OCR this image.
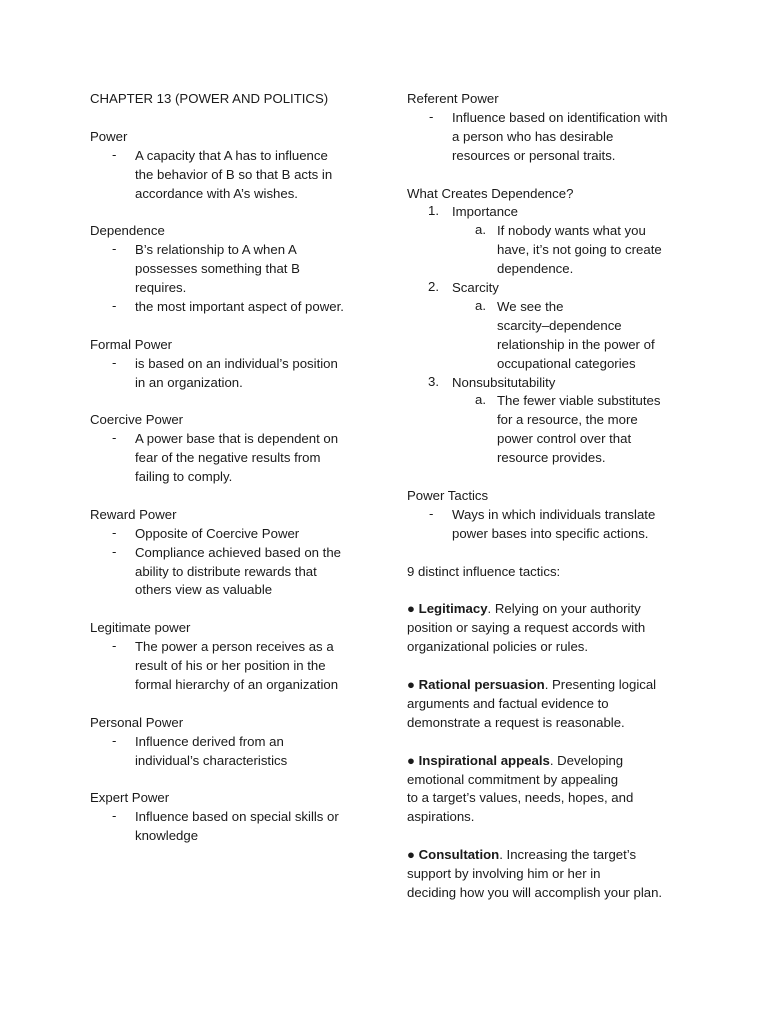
CHAPTER 13 (POWER AND POLITICS)
Power
- A capacity that A has to influence
the behavior of B so that B acts in
accordance with A’s wishes.
Dependence
- B’s relationship to A when A
possesses something that B
requires.
- the most important aspect of power.
Formal Power
- is based on an individual’s position
in an organization.
Coercive Power
- A power base that is dependent on
fear of the negative results from
failing to comply.
Reward Power
- Opposite of Coercive Power
- Compliance achieved based on the
ability to distribute rewards that
others view as valuable
Legitimate power
- The power a person receives as a
result of his or her position in the
formal hierarchy of an organization
Personal Power
- Influence derived from an
individual’s characteristics
Expert Power
- Influence based on special skills or
knowledge
Referent Power
- Influence based on identification with
a person who has desirable
resources or personal traits.
What Creates Dependence?
1. Importance
a. If nobody wants what you
have, it’s not going to create
dependence.
2. Scarcity
a. We see the
scarcity–dependence
relationship in the power of
occupational categories
3. Nonsubsitutability
a. The fewer viable substitutes
for a resource, the more
power control over that
resource provides.
Power Tactics
- Ways in which individuals translate
power bases into specific actions.
9 distinct influence tactics:
● Legitimacy. Relying on your authority
position or saying a request accords with
organizational policies or rules.
● Rational persuasion. Presenting logical
arguments and factual evidence to
demonstrate a request is reasonable.
● Inspirational appeals. Developing
emotional commitment by appealing
to a target’s values, needs, hopes, and
aspirations.
● Consultation. Increasing the target’s
support by involving him or her in
deciding how you will accomplish your plan.
